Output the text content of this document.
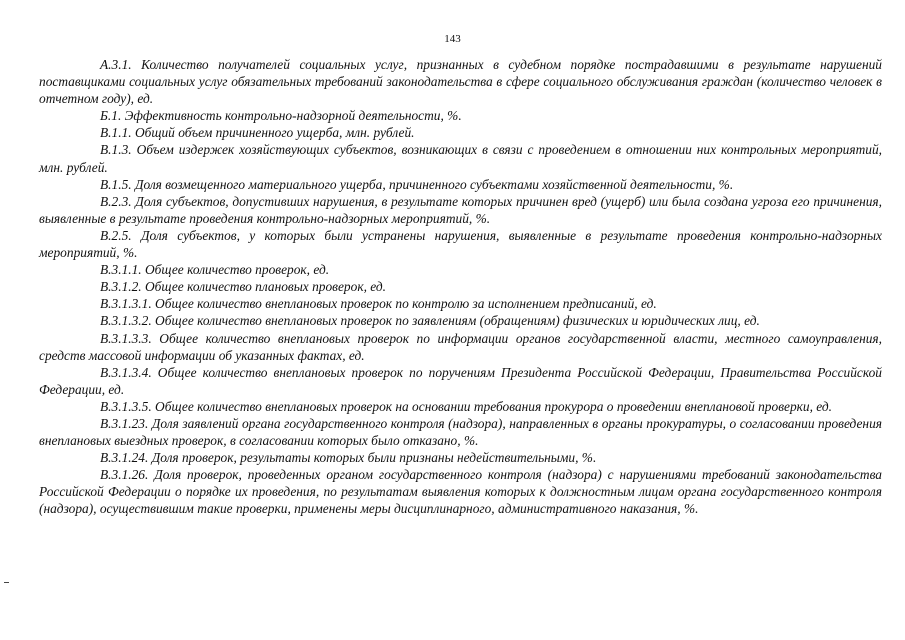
143

А.3.1. Количество получателей социальных услуг, признанных в судебном порядке пострадавшими в результате нарушений поставщиками социальных услуг обязательных требований законодательства в сфере социального обслуживания граждан (количество человек в отчетном году), ед.

Б.1. Эффективность контрольно-надзорной деятельности, %.

В.1.1. Общий объем причиненного ущерба, млн. рублей.

В.1.3. Объем издержек хозяйствующих субъектов, возникающих в связи с проведением в отношении них контрольных мероприятий, млн. рублей.

В.1.5. Доля возмещенного материального ущерба, причиненного субъектами хозяйственной деятельности, %.

В.2.3. Доля субъектов, допустивших нарушения, в результате которых причинен вред (ущерб) или была создана угроза его причинения, выявленные в результате проведения контрольно-надзорных мероприятий, %.

В.2.5. Доля субъектов, у которых были устранены нарушения, выявленные в результате проведения контрольно-надзорных мероприятий, %.

В.3.1.1. Общее количество проверок, ед.

В.3.1.2. Общее количество плановых проверок, ед.

В.3.1.3.1. Общее количество внеплановых проверок по контролю за исполнением предписаний, ед.

В.3.1.3.2. Общее количество внеплановых проверок по заявлениям (обращениям) физических и юридических лиц, ед.

В.3.1.3.3. Общее количество внеплановых проверок по информации органов государственной власти, местного самоуправления, средств массовой информации об указанных фактах, ед.

В.3.1.3.4. Общее количество внеплановых проверок по поручениям Президента Российской Федерации, Правительства Российской Федерации, ед.

В.3.1.3.5. Общее количество внеплановых проверок на основании требования прокурора о проведении внеплановой проверки, ед.

В.3.1.23. Доля заявлений органа государственного контроля (надзора), направленных в органы прокуратуры, о согласовании проведения внеплановых выездных проверок, в согласовании которых было отказано, %.

В.3.1.24. Доля проверок, результаты которых были признаны недействительными, %.

В.3.1.26. Доля проверок, проведенных органом государственного контроля (надзора) с нарушениями требований законодательства Российской Федерации о порядке их проведения, по результатам выявления которых к должностным лицам органа государственного контроля (надзора), осуществившим такие проверки, применены меры дисциплинарного, административного наказания, %.
